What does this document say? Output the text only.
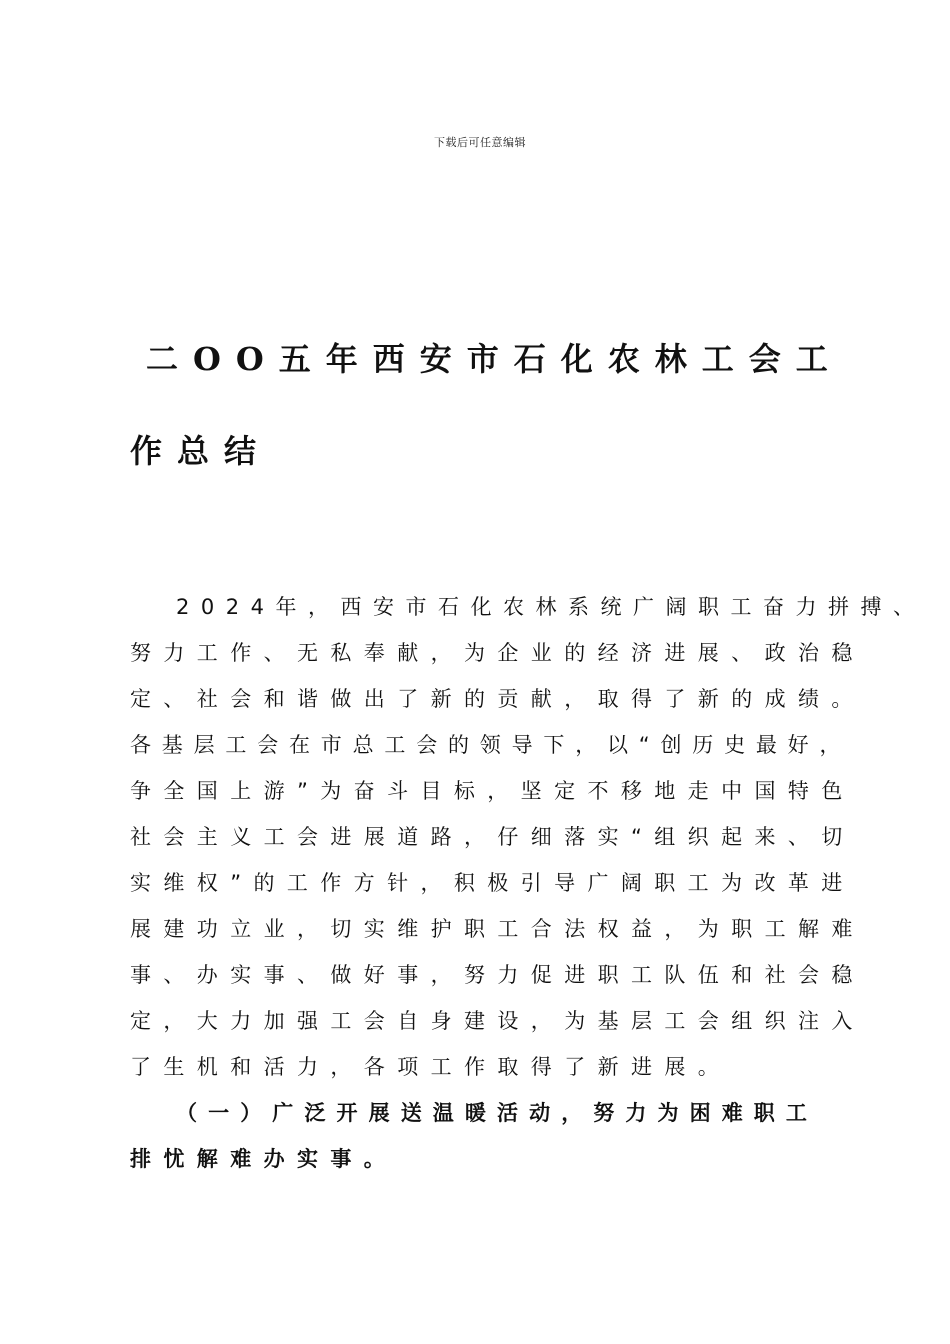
下载后可任意编辑
二OO五年西安市石化农林工会工
作总结
2024年，西安市石化农林系统广阔职工奋力拼搏、
努力工作、无私奉献，为企业的经济进展、政治稳
定、社会和谐做出了新的贡献，取得了新的成绩。
各基层工会在市总工会的领导下，以“创历史最好，
争全国上游”为奋斗目标，坚定不移地走中国特色
社会主义工会进展道路，仔细落实“组织起来、切
实维权”的工作方针，积极引导广阔职工为改革进
展建功立业，切实维护职工合法权益，为职工解难
事、办实事、做好事，努力促进职工队伍和社会稳
定，大力加强工会自身建设，为基层工会组织注入
了生机和活力，各项工作取得了新进展。
（一）广泛开展送温暖活动，努力为困难职工
排忧解难办实事。
